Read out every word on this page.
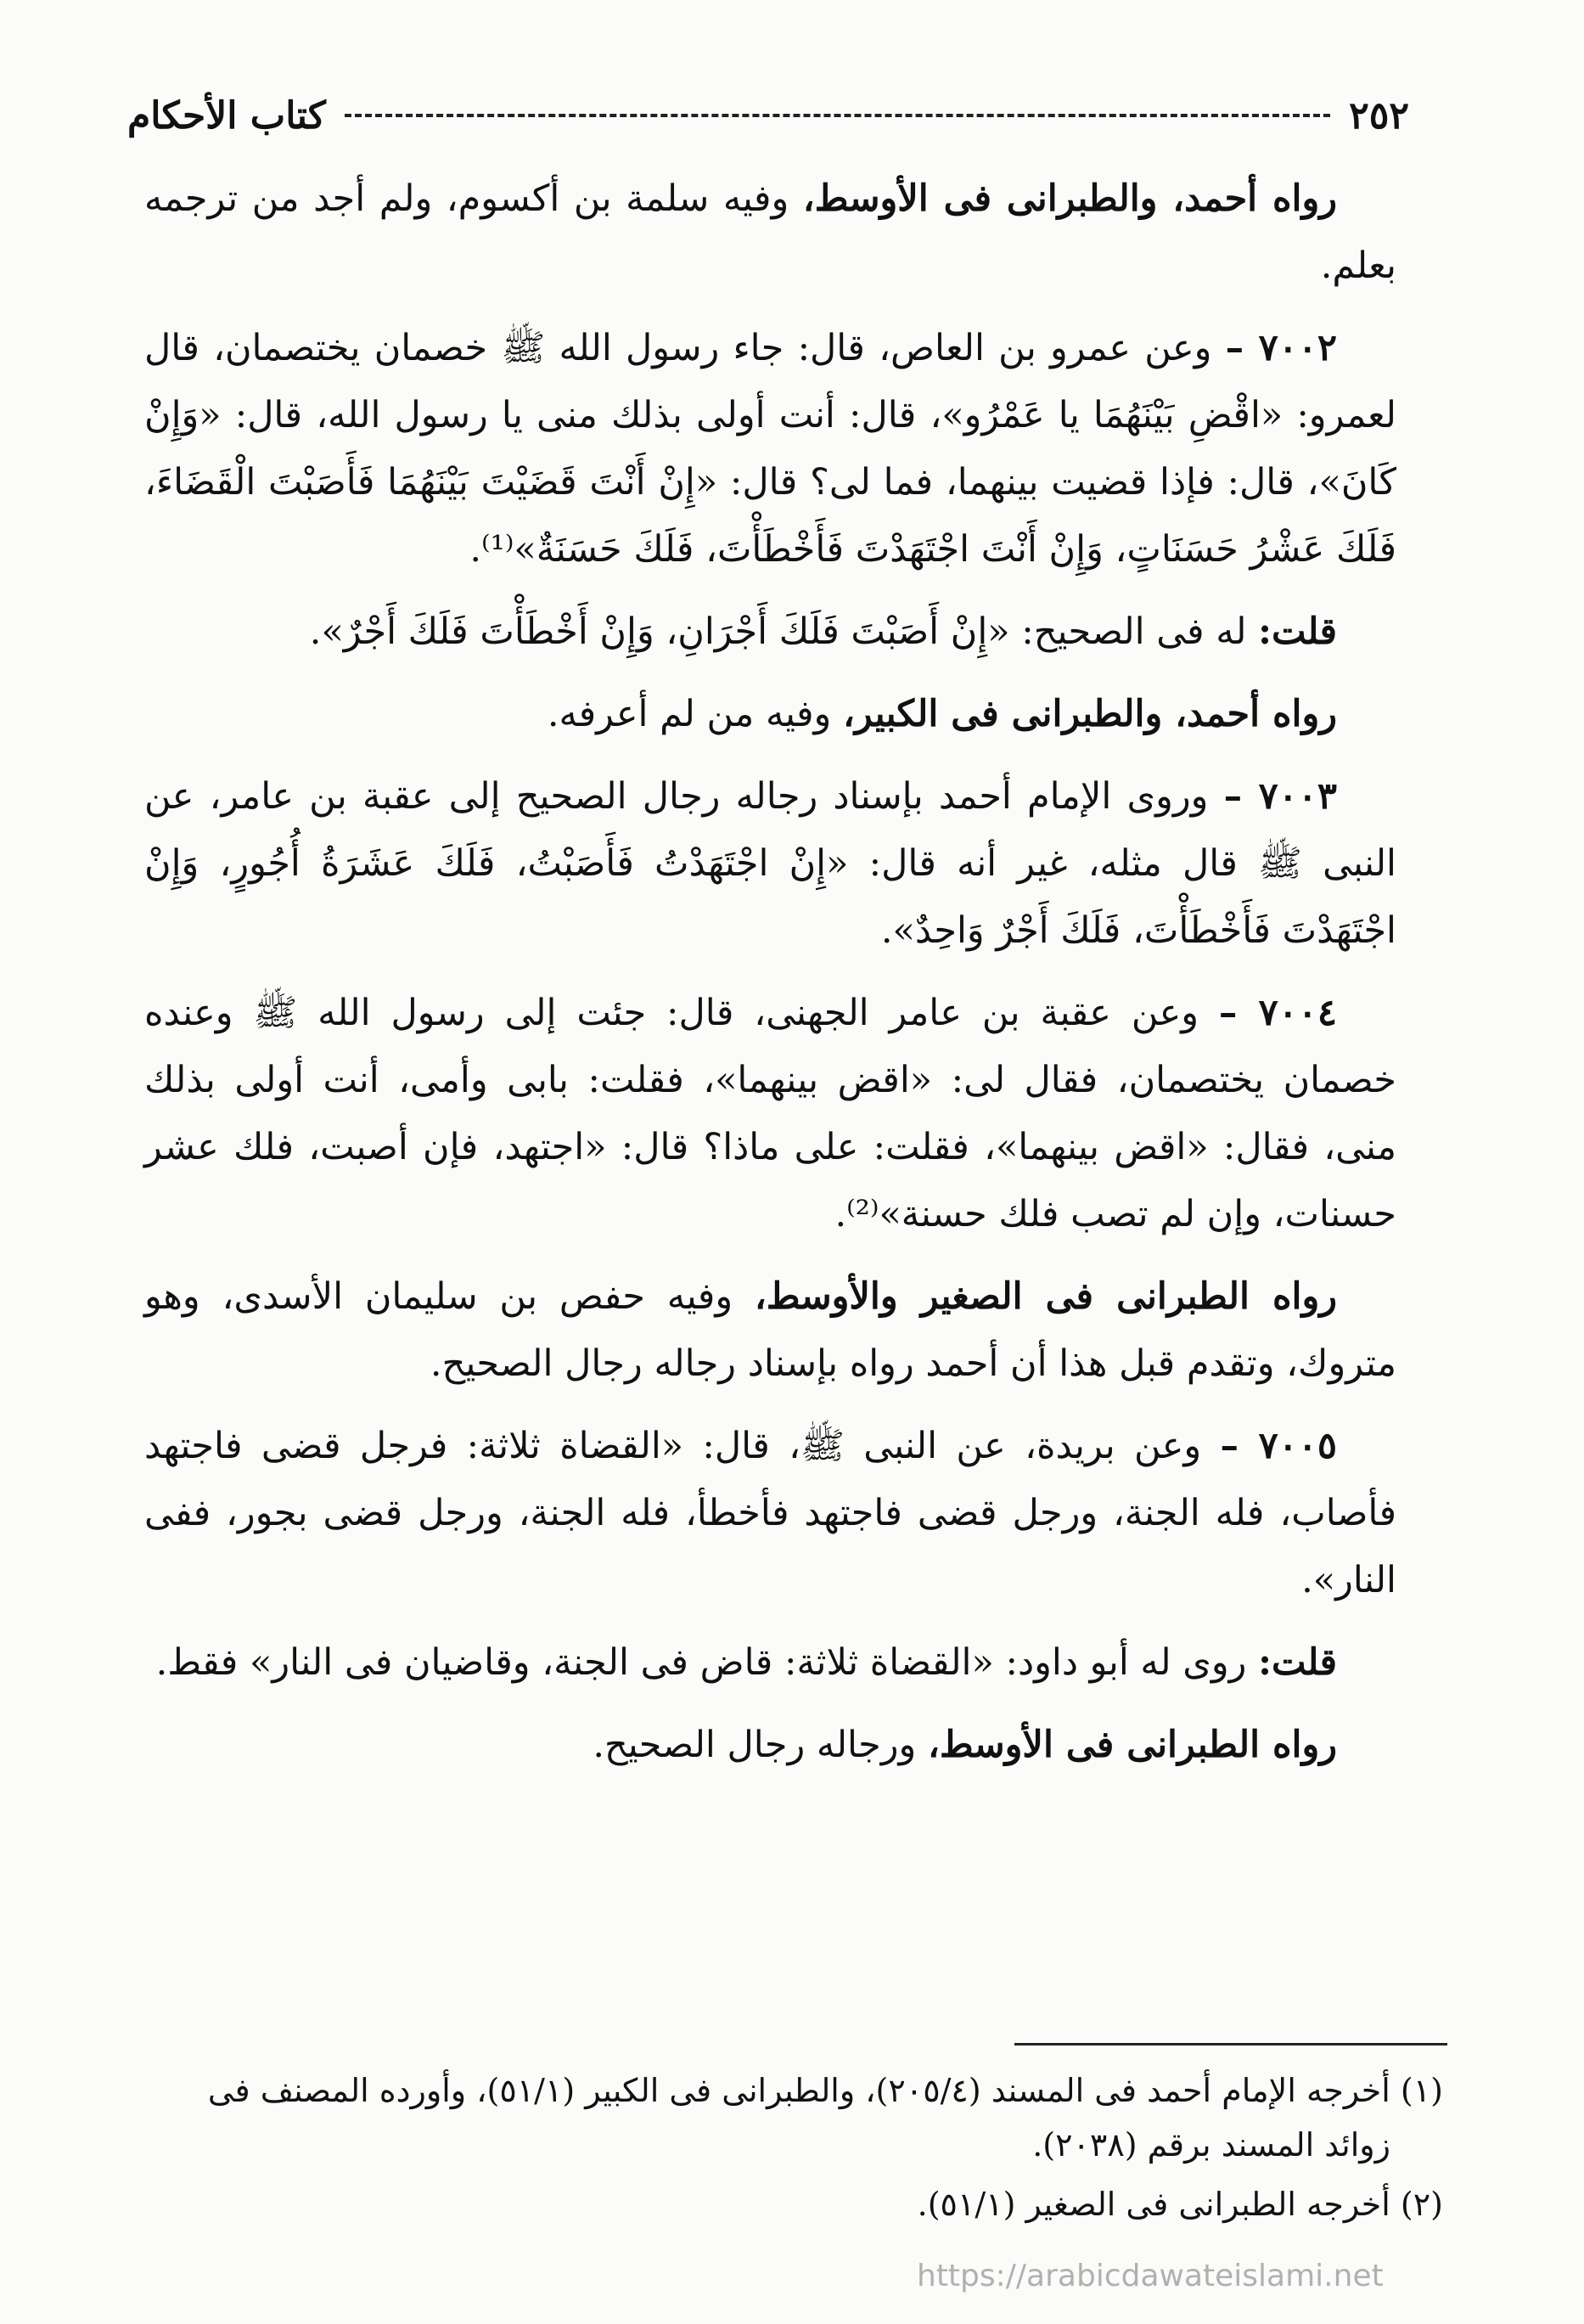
٢٥٢
كتاب الأحكام

رواه أحمد، والطبرانى فى الأوسط، وفيه سلمة بن أكسوم، ولم أجد من ترجمه بعلم.

٧٠٠٢ – وعن عمرو بن العاص، قال: جاء رسول الله ﷺ خصمان يختصمان، قال لعمرو: «اقْضِ بَيْنَهُمَا يا عَمْرُو»، قال: أنت أولى بذلك منى يا رسول الله، قال: «وَإِنْ كَانَ»، قال: فإذا قضيت بينهما، فما لى؟ قال: «إِنْ أَنْتَ قَضَيْتَ بَيْنَهُمَا فَأَصَبْتَ الْقَضَاءَ، فَلَكَ عَشْرُ حَسَنَاتٍ، وَإِنْ أَنْتَ اجْتَهَدْتَ فَأَخْطَأْتَ، فَلَكَ حَسَنَةٌ»⁽¹⁾.

قلت: له فى الصحيح: «إِنْ أَصَبْتَ فَلَكَ أَجْرَانِ، وَإِنْ أَخْطَأْتَ فَلَكَ أَجْرٌ».

رواه أحمد، والطبرانى فى الكبير، وفيه من لم أعرفه.

٧٠٠٣ – وروى الإمام أحمد بإسناد رجاله رجال الصحيح إلى عقبة بن عامر، عن النبى ﷺ قال مثله، غير أنه قال: «إِنْ اجْتَهَدْتُ فَأَصَبْتُ، فَلَكَ عَشَرَةُ أُجُورٍ، وَإِنْ اجْتَهَدْتَ فَأَخْطَأْتَ، فَلَكَ أَجْرٌ وَاحِدٌ».

٧٠٠٤ – وعن عقبة بن عامر الجهنى، قال: جئت إلى رسول الله ﷺ وعنده خصمان يختصمان، فقال لى: «اقض بينهما»، فقلت: بابى وأمى، أنت أولى بذلك منى، فقال: «اقض بينهما»، فقلت: على ماذا؟ قال: «اجتهد، فإن أصبت، فلك عشر حسنات، وإن لم تصب فلك حسنة»⁽²⁾.

رواه الطبرانى فى الصغير والأوسط، وفيه حفص بن سليمان الأسدى، وهو متروك، وتقدم قبل هذا أن أحمد رواه بإسناد رجاله رجال الصحيح.

٧٠٠٥ – وعن بريدة، عن النبى ﷺ، قال: «القضاة ثلاثة: فرجل قضى فاجتهد فأصاب، فله الجنة، ورجل قضى فاجتهد فأخطأ، فله الجنة، ورجل قضى بجور، ففى النار».

قلت: روى له أبو داود: «القضاة ثلاثة: قاض فى الجنة، وقاضيان فى النار» فقط.

رواه الطبرانى فى الأوسط، ورجاله رجال الصحيح.

(١) أخرجه الإمام أحمد فى المسند (٢٠٥/٤)، والطبرانى فى الكبير (٥١/١)، وأورده المصنف فى
زوائد المسند برقم (٢٠٣٨).

(٢) أخرجه الطبرانى فى الصغير (٥١/١).

https://arabicdawateislami.net
